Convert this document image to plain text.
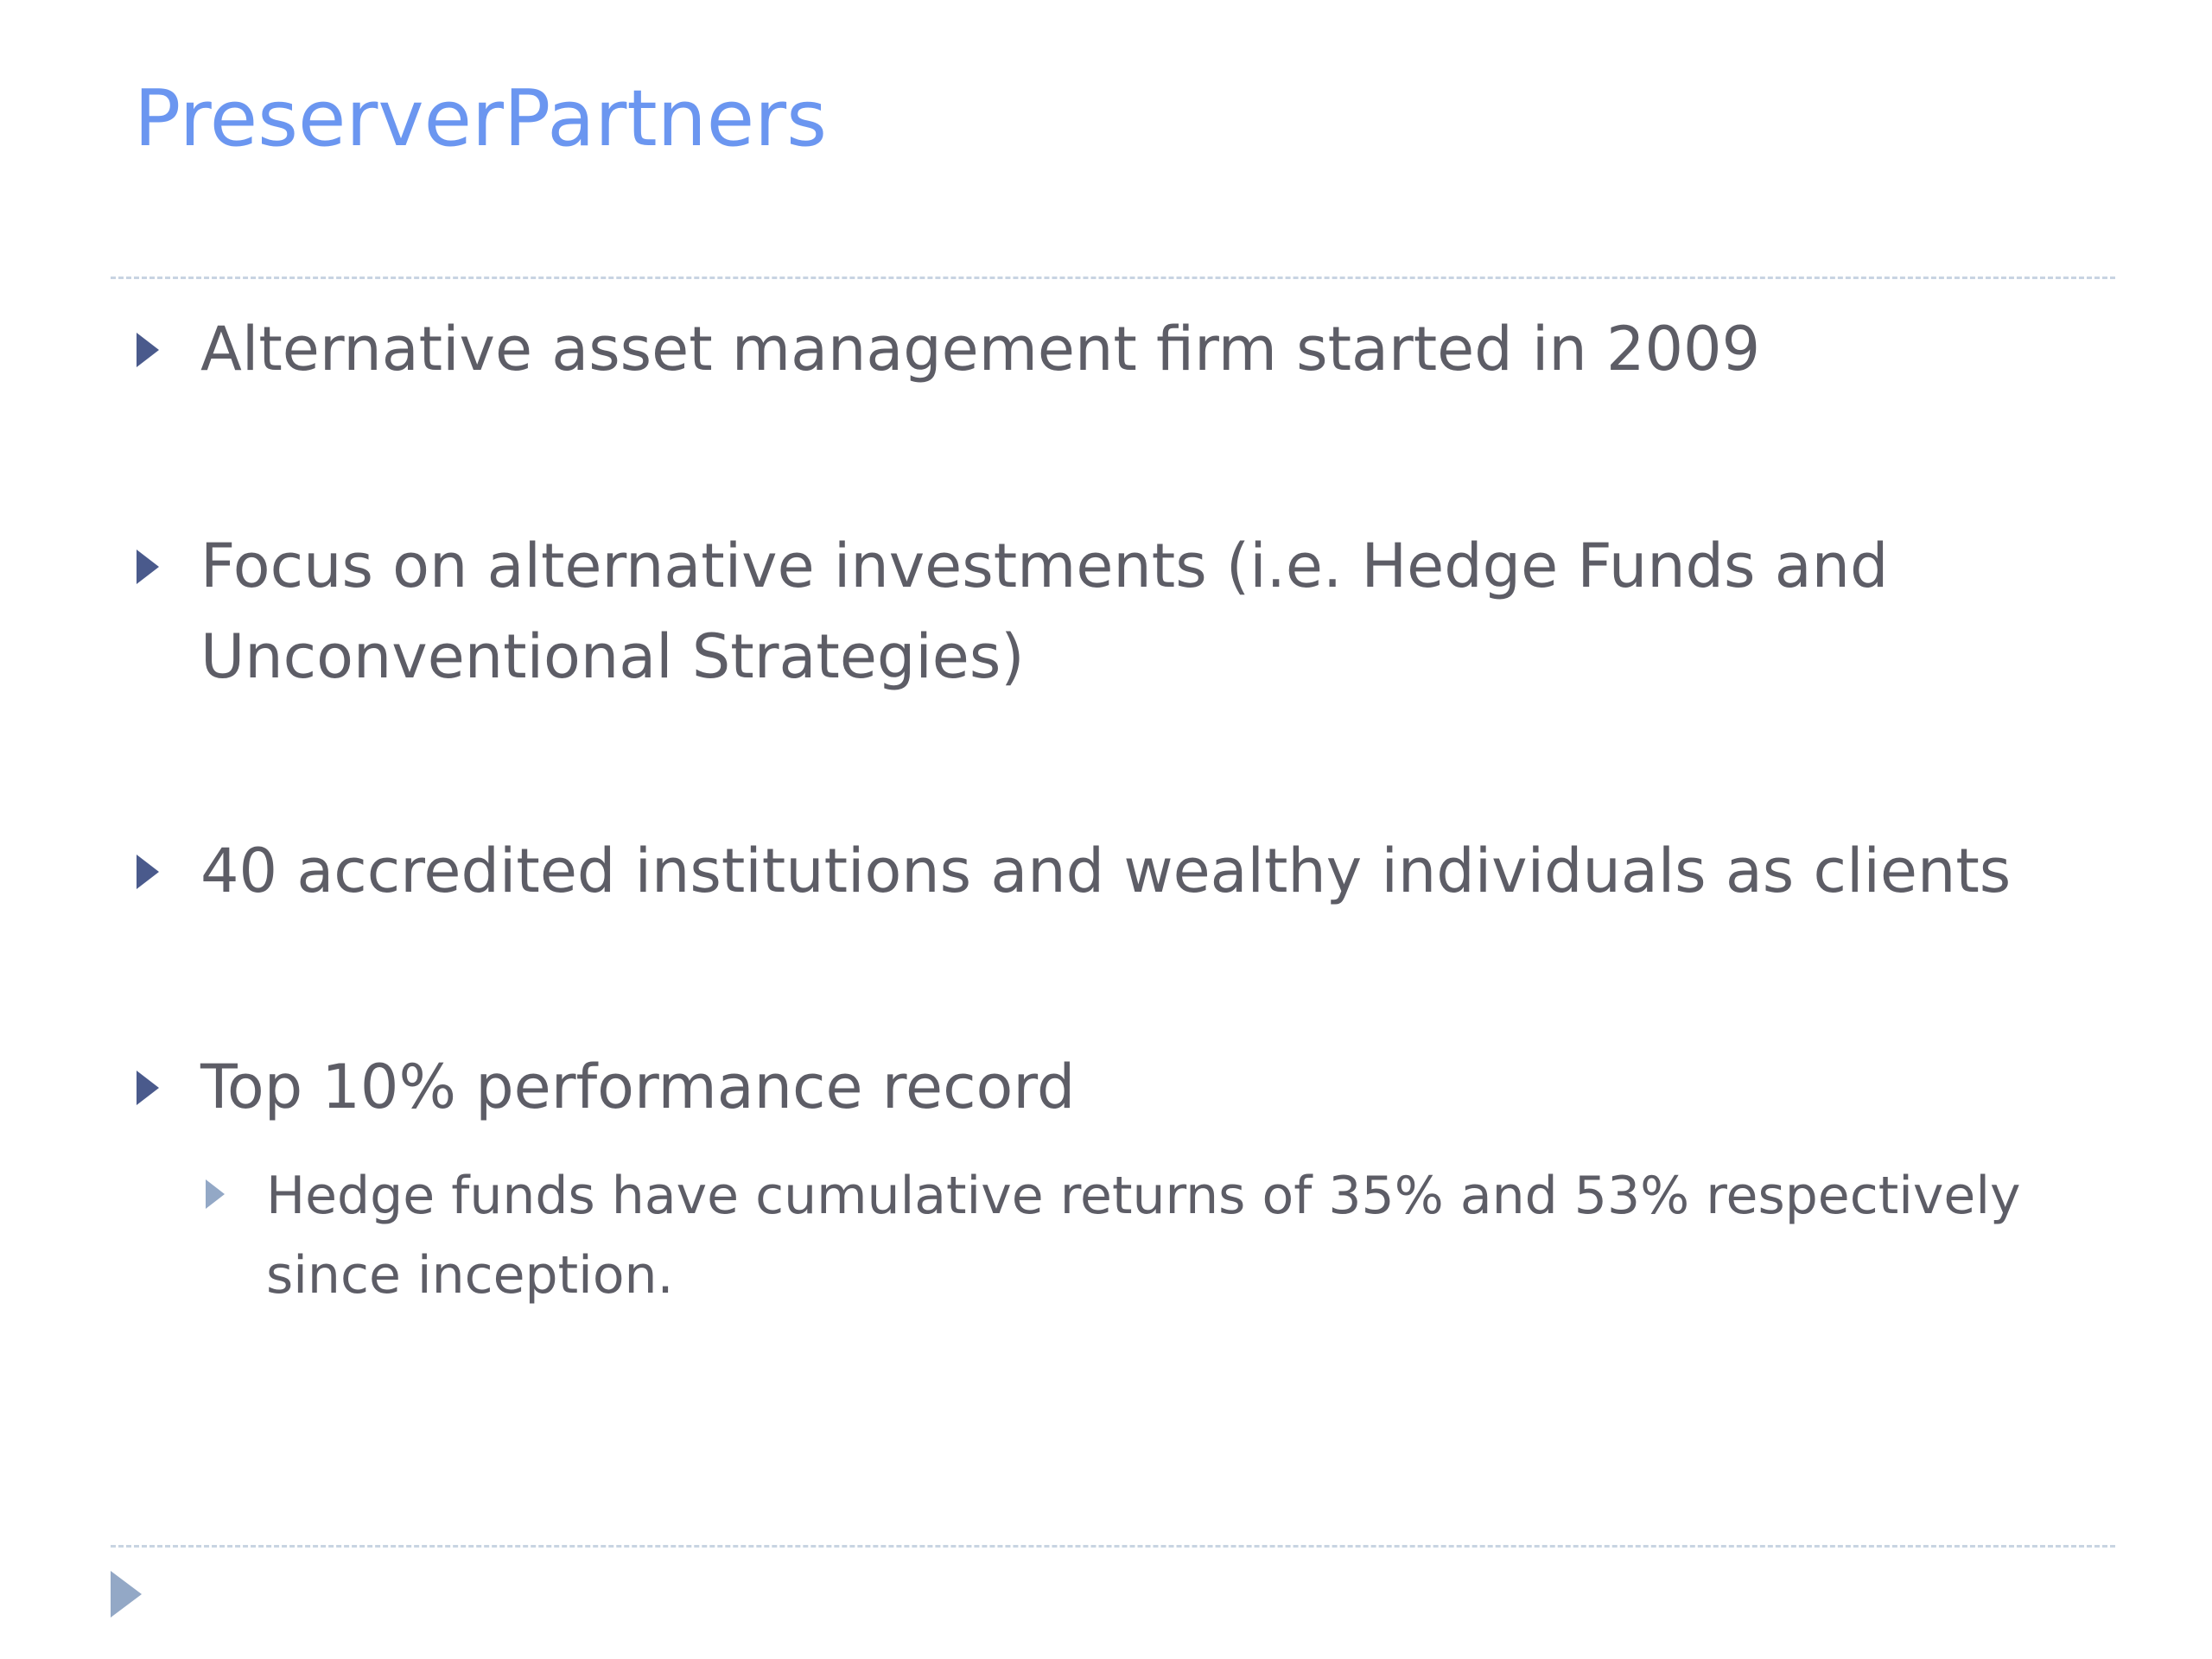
PreserverPartners

Alternative asset management firm started in 2009

Focus on alternative investments (i.e. Hedge Funds and Unconventional Strategies)

40 accredited institutions and wealthy individuals as clients

Top 10% performance record

Hedge funds have cumulative returns of 35% and 53% respectively since inception.
